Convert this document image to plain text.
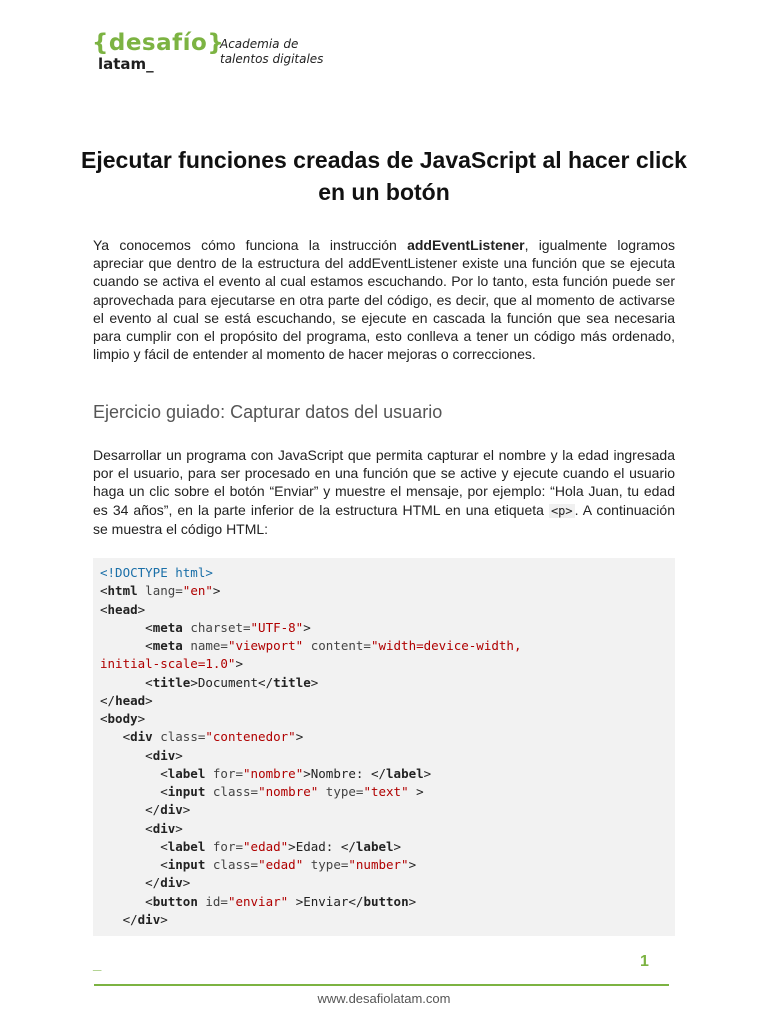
{desafío}
latam_
Academia de
talentos digitales
Ejecutar funciones creadas de JavaScript al hacer click en un botón

Ya conocemos cómo funciona la instrucción addEventListener, igualmente logramos apreciar que dentro de la estructura del addEventListener existe una función que se ejecuta cuando se activa el evento al cual estamos escuchando. Por lo tanto, esta función puede ser aprovechada para ejecutarse en otra parte del código, es decir, que al momento de activarse el evento al cual se está escuchando, se ejecute en cascada la función que sea necesaria para cumplir con el propósito del programa, esto conlleva a tener un código más ordenado, limpio y fácil de entender al momento de hacer mejoras o correcciones.

Ejercicio guiado: Capturar datos del usuario

Desarrollar un programa con JavaScript que permita capturar el nombre y la edad ingresada por el usuario, para ser procesado en una función que se active y ejecute cuando el usuario haga un clic sobre el botón “Enviar” y muestre el mensaje, por ejemplo: “Hola Juan, tu edad es 34 años”, en la parte inferior de la estructura HTML en una etiqueta <p> . A continuación se muestra el código HTML:

<!DOCTYPE html>
<html lang="en">
<head>
<meta charset="UTF-8">
<meta name="viewport" content="width=device-width,
initial-scale=1.0">
<title>Document</title>
</head>
<body>
<div class="contenedor">
<div>
<label for="nombre">Nombre: </label>
<input class="nombre" type="text" >
</div>
<div>
<label for="edad">Edad: </label>
<input class="edad" type="number">
</div>
<button id="enviar" >Enviar</button>
</div>
_	1
www.desafiolatam.com
